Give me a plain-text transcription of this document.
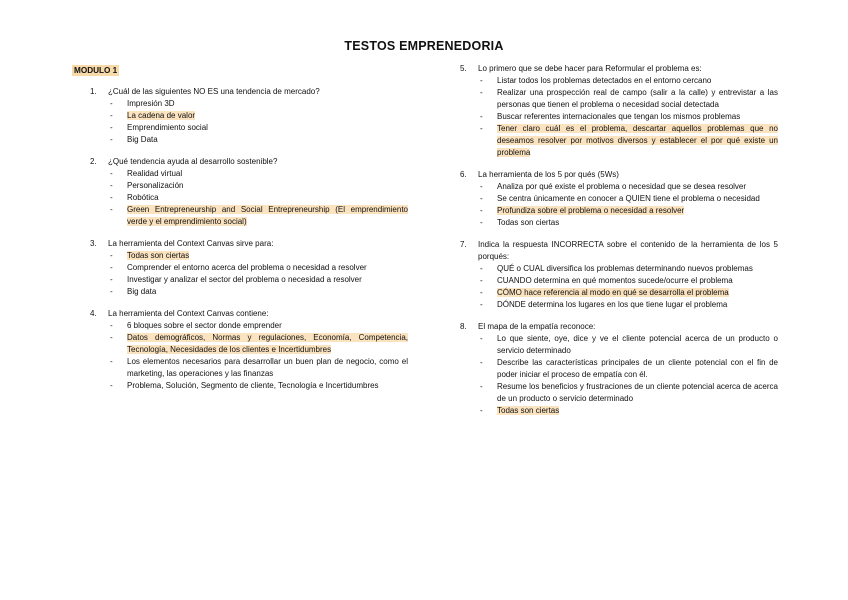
TESTOS EMPRENEDORIA
MODULO 1
1. ¿Cuál de las siguientes NO ES una tendencia de mercado?
- Impresión 3D
- La cadena de valor
- Emprendimiento social
- Big Data
2. ¿Qué tendencia ayuda al desarrollo sostenible?
- Realidad virtual
- Personalización
- Robótica
- Green Entrepreneurship and Social Entrepreneurship (El emprendimiento verde y el emprendimiento social)
3. La herramienta del Context Canvas sirve para:
- Todas son ciertas
- Comprender el entorno acerca del problema o necesidad a resolver
- Investigar y analizar el sector del problema o necesidad a resolver
- Big data
4. La herramienta del Context Canvas contiene:
- 6 bloques sobre el sector donde emprender
- Datos demográficos, Normas y regulaciones, Economía, Competencia, Tecnología, Necesidades de los clientes e Incertidumbres
- Los elementos necesarios para desarrollar un buen plan de negocio, como el marketing, las operaciones y las finanzas
- Problema, Solución, Segmento de cliente, Tecnología e Incertidumbres
5. Lo primero que se debe hacer para Reformular el problema es:
- Listar todos los problemas detectados en el entorno cercano
- Realizar una prospección real de campo (salir a la calle) y entrevistar a las personas que tienen el problema o necesidad social detectada
- Buscar referentes internacionales que tengan los mismos problemas
- Tener claro cuál es el problema, descartar aquellos problemas que no deseamos resolver por motivos diversos y establecer el por qué existe un problema
6. La herramienta de los 5 por qués (5Ws)
- Analiza por qué existe el problema o necesidad que se desea resolver
- Se centra únicamente en conocer a QUIEN tiene el problema o necesidad
- Profundiza sobre el problema o necesidad a resolver
- Todas son ciertas
7. Indica la respuesta INCORRECTA sobre el contenido de la herramienta de los 5 porqués:
- QUÉ o CUAL diversifica los problemas determinando nuevos problemas
- CUANDO determina en qué momentos sucede/ocurre el problema
- CÓMO hace referencia al modo en qué se desarrolla el problema
- DÓNDE determina los lugares en los que tiene lugar el problema
8. El mapa de la empatía reconoce:
- Lo que siente, oye, dice y ve el cliente potencial acerca de un producto o servicio determinado
- Describe las características principales de un cliente potencial con el fin de poder iniciar el proceso de empatía con él.
- Resume los beneficios y frustraciones de un cliente potencial acerca de acerca de un producto o servicio determinado
- Todas son ciertas
